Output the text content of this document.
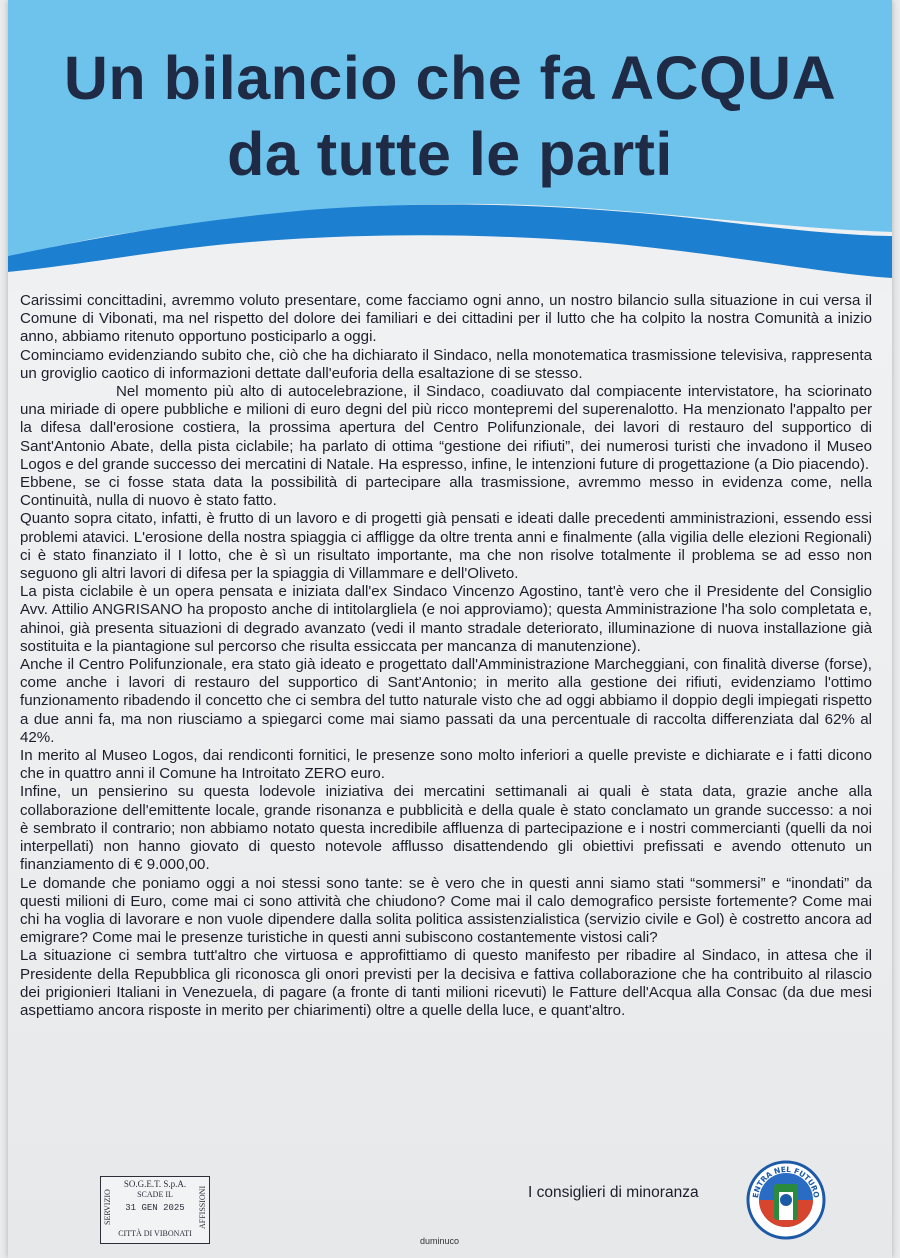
Un bilancio che fa ACQUA
da tutte le parti

Carissimi concittadini, avremmo voluto presentare, come facciamo ogni anno, un nostro bilancio sulla situazione in cui versa il Comune di Vibonati, ma nel rispetto del dolore dei familiari e dei cittadini per il lutto che ha colpito la nostra Comunità a inizio anno, abbiamo ritenuto opportuno posticiparlo a oggi.

Cominciamo evidenziando subito che, ciò che ha dichiarato il Sindaco, nella monotematica trasmissione televisiva, rappresenta un groviglio caotico di informazioni dettate dall'euforia della esaltazione di se stesso.

Nel momento più alto di autocelebrazione, il Sindaco, coadiuvato dal compiacente intervistatore, ha sciorinato una miriade di opere pubbliche e milioni di euro degni del più ricco montepremi del superenalotto. Ha menzionato l'appalto per la difesa dall'erosione costiera, la prossima apertura del Centro Polifunzionale, dei lavori di restauro del supportico di Sant'Antonio Abate, della pista ciclabile; ha parlato di ottima “gestione dei rifiuti”, dei numerosi turisti che invadono il Museo Logos e del grande successo dei mercatini di Natale. Ha espresso, infine, le intenzioni future di progettazione (a Dio piacendo).

Ebbene, se ci fosse stata data la possibilità di partecipare alla trasmissione, avremmo messo in evidenza come, nella Continuità, nulla di nuovo è stato fatto.

Quanto sopra citato, infatti, è frutto di un lavoro e di progetti già pensati e ideati dalle precedenti amministrazioni, essendo essi problemi atavici. L'erosione della nostra spiaggia ci affligge da oltre trenta anni e finalmente (alla vigilia delle elezioni Regionali) ci è stato finanziato il I lotto, che è sì un risultato importante, ma che non risolve totalmente il problema se ad esso non seguono gli altri lavori di difesa per la spiaggia di Villammare e dell'Oliveto.

La pista ciclabile è un opera pensata e iniziata dall'ex Sindaco Vincenzo Agostino, tant'è vero che il Presidente del Consiglio Avv. Attilio ANGRISANO ha proposto anche di intitolargliela (e noi approviamo); questa Amministrazione l'ha solo completata e, ahinoi, già presenta situazioni di degrado avanzato (vedi il manto stradale deteriorato, illuminazione di nuova installazione già sostituita e la piantagione sul percorso che risulta essiccata per mancanza di manutenzione).

Anche il Centro Polifunzionale, era stato già ideato e progettato dall'Amministrazione Marcheggiani, con finalità diverse (forse), come anche i lavori di restauro del supportico di Sant'Antonio; in merito alla gestione dei rifiuti, evidenziamo l'ottimo funzionamento ribadendo il concetto che ci sembra del tutto naturale visto che ad oggi abbiamo il doppio degli impiegati rispetto a due anni fa, ma non riusciamo a spiegarci come mai siamo passati da una percentuale di raccolta differenziata dal 62% al 42%.

In merito al Museo Logos, dai rendiconti fornitici, le presenze sono molto inferiori a quelle previste e dichiarate e i fatti dicono che in quattro anni il Comune ha Introitato ZERO euro.

Infine, un pensierino su questa lodevole iniziativa dei mercatini settimanali ai quali è stata data, grazie anche alla collaborazione dell'emittente locale, grande risonanza e pubblicità e della quale è stato conclamato un grande successo: a noi è sembrato il contrario; non abbiamo notato questa incredibile affluenza di partecipazione e i nostri commercianti (quelli da noi interpellati) non hanno giovato di questo notevole afflusso disattendendo gli obiettivi prefissati e avendo ottenuto un finanziamento di € 9.000,00.

Le domande che poniamo oggi a noi stessi sono tante: se è vero che in questi anni siamo stati “sommersi” e “inondati” da questi milioni di Euro, come mai ci sono attività che chiudono? Come mai il calo demografico persiste fortemente? Come mai chi ha voglia di lavorare e non vuole dipendere dalla solita politica assistenzialistica (servizio civile e Gol) è costretto ancora ad emigrare? Come mai le presenze turistiche in questi anni subiscono costantemente vistosi cali?

La situazione ci sembra tutt'altro che virtuosa e approfittiamo di questo manifesto per ribadire al Sindaco, in attesa che il Presidente della Repubblica gli riconosca gli onori previsti per la decisiva e fattiva collaborazione che ha contribuito al rilascio dei prigionieri Italiani in Venezuela, di pagare (a fronte di tanti milioni ricevuti) le Fatture dell'Acqua alla Consac (da due mesi aspettiamo ancora risposte in merito per chiarimenti) oltre a quelle della luce, e quant'altro.

SERVIZIO
SO.G.E.T. S.p.A.
SCADE IL
31 GEN 2025
CITTÀ DI VIBONATI
AFFISSIONI	I consiglieri di minoranza
duminuco
ENTRA NEL FUTURO
